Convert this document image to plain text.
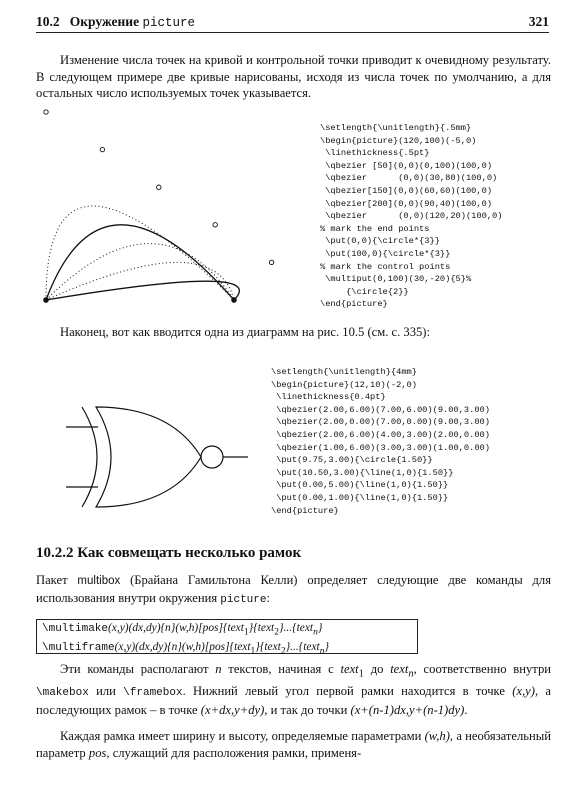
10.2 Окружение picture	321

Изменение числа точек на кривой и контрольной точки приводит к очевидному результату. В следующем примере две кривые нарисованы, исходя из числа точек по умолчанию, а для остальных число используемых точек указывается.

\setlength{\unitlength}{.5mm}
\begin{picture}(120,100)(-5,0)
\linethickness{.5pt}
\qbezier [50](0,0)(0,100)(100,0)
\qbezier      (0,0)(30,80)(100,0)
\qbezier[150](0,0)(60,60)(100,0)
\qbezier[200](0,0)(90,40)(100,0)
\qbezier      (0,0)(120,20)(100,0)
% mark the end points
\put(0,0){\circle*{3}}
\put(100,0){\circle*{3}}
% mark the control points
\multiput(0,100)(30,-20){5}%
{\circle{2}}
\end{picture}

Наконец, вот как вводится одна из диаграмм на рис. 10.5 (см. с. 335):

\setlength{\unitlength}{4mm}
\begin{picture}(12,10)(-2,0)
\linethickness{0.4pt}
\qbezier(2.00,6.00)(7.00,6.00)(9.00,3.00)
\qbezier(2.00,0.00)(7.00,0.00)(9.00,3.00)
\qbezier(2.00,6.00)(4.00,3.00)(2.00,0.00)
\qbezier(1.00,6.00)(3.00,3.00)(1.00,0.00)
\put(9.75,3.00){\circle{1.50}}
\put(10.50,3.00){\line(1,0){1.50}}
\put(0.00,5.00){\line(1,0){1.50}}
\put(0.00,1.00){\line(1,0){1.50}}
\end{picture}
10.2.2 Как совмещать несколько рамок

Пакет multibox (Брайана Гамильтона Келли) определяет следующие две команды для использования внутри окружения picture:

\multimake(x,y)(dx,dy){n}(w,h)[pos]{text$_1$}{text$_2$}...{text$_n$}
\multiframe(x,y)(dx,dy){n}(w,h)[pos]{text$_1$}{text$_2$}...{text$_n$}

Эти команды располагают n текстов, начиная с text$_1$ до text$_n$, соответственно внутри \makebox или \framebox. Нижний левый угол первой рамки находится в точке (x,y), а последующих рамок – в точке (x+dx,y+dy), и так до точки (x+(n-1)dx,y+(n-1)dy).

Каждая рамка имеет ширину и высоту, определяемые параметрами (w,h), а необязательный параметр pos, служащий для расположения рамки, применя-
